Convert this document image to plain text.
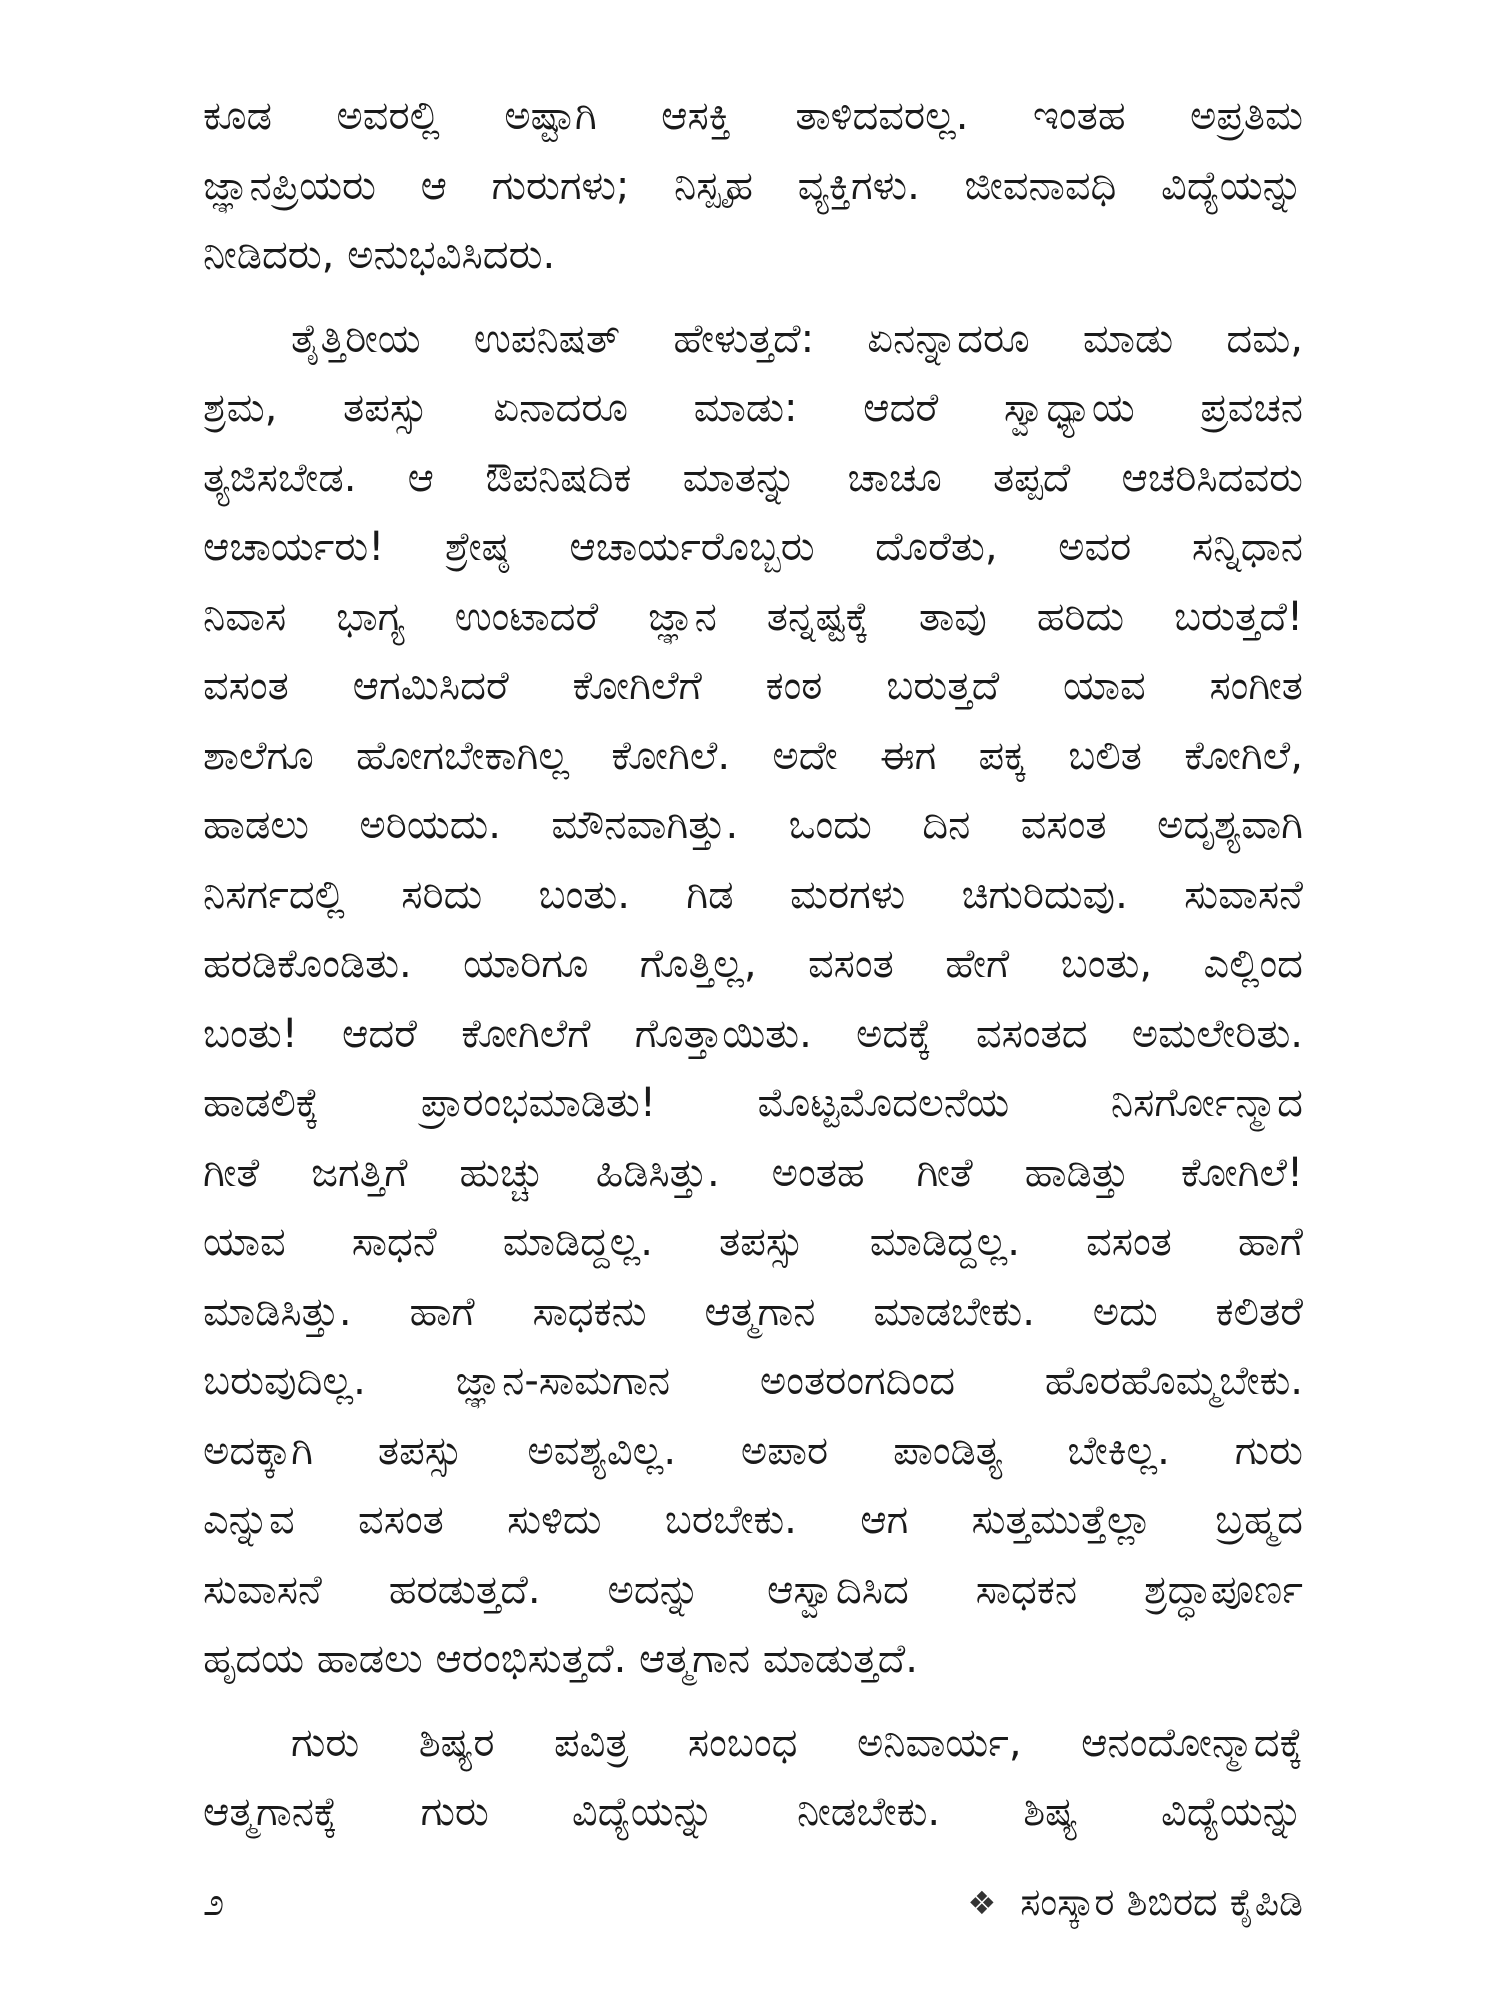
ಕೂಡ ಅವರಲ್ಲಿ ಅಷ್ಟಾಗಿ ಆಸಕ್ತಿ ತಾಳಿದವರಲ್ಲ. ಇಂತಹ ಅಪ್ರತಿಮ
ಜ್ಞಾನಪ್ರಿಯರು ಆ ಗುರುಗಳು; ನಿಸ್ಪೃಹ ವ್ಯಕ್ತಿಗಳು. ಜೀವನಾವಧಿ ವಿದ್ಯೆಯನ್ನು
ನೀಡಿದರು, ಅನುಭವಿಸಿದರು.

ತೈತ್ತಿರೀಯ ಉಪನಿಷತ್ ಹೇಳುತ್ತದೆ: ಏನನ್ನಾದರೂ ಮಾಡು ದಮ,
ಶ್ರಮ, ತಪಸ್ಸು ಏನಾದರೂ ಮಾಡು: ಆದರೆ ಸ್ವಾಧ್ಯಾಯ ಪ್ರವಚನ
ತ್ಯಜಿಸಬೇಡ. ಆ ಔಪನಿಷದಿಕ ಮಾತನ್ನು ಚಾಚೂ ತಪ್ಪದೆ ಆಚರಿಸಿದವರು
ಆಚಾರ್ಯರು! ಶ್ರೇಷ್ಠ ಆಚಾರ್ಯರೊಬ್ಬರು ದೊರೆತು, ಅವರ ಸನ್ನಿಧಾನ
ನಿವಾಸ ಭಾಗ್ಯ ಉಂಟಾದರೆ ಜ್ಞಾನ ತನ್ನಷ್ಟಕ್ಕೆ ತಾವು ಹರಿದು ಬರುತ್ತದೆ!
ವಸಂತ ಆಗಮಿಸಿದರೆ ಕೋಗಿಲೆಗೆ ಕಂಠ ಬರುತ್ತದೆ ಯಾವ ಸಂಗೀತ
ಶಾಲೆಗೂ ಹೋಗಬೇಕಾಗಿಲ್ಲ ಕೋಗಿಲೆ. ಅದೇ ಈಗ ಪಕ್ಕ ಬಲಿತ ಕೋಗಿಲೆ,
ಹಾಡಲು ಅರಿಯದು. ಮೌನವಾಗಿತ್ತು. ಒಂದು ದಿನ ವಸಂತ ಅದೃಶ್ಯವಾಗಿ
ನಿಸರ್ಗದಲ್ಲಿ ಸರಿದು ಬಂತು. ಗಿಡ ಮರಗಳು ಚಿಗುರಿದುವು. ಸುವಾಸನೆ
ಹರಡಿಕೊಂಡಿತು. ಯಾರಿಗೂ ಗೊತ್ತಿಲ್ಲ, ವಸಂತ ಹೇಗೆ ಬಂತು, ಎಲ್ಲಿಂದ
ಬಂತು! ಆದರೆ ಕೋಗಿಲೆಗೆ ಗೊತ್ತಾಯಿತು. ಅದಕ್ಕೆ ವಸಂತದ ಅಮಲೇರಿತು.
ಹಾಡಲಿಕ್ಕೆ ಪ್ರಾರಂಭಮಾಡಿತು! ಮೊಟ್ಟಮೊದಲನೆಯ ನಿಸರ್ಗೋನ್ಮಾದ
ಗೀತೆ ಜಗತ್ತಿಗೆ ಹುಚ್ಚು ಹಿಡಿಸಿತ್ತು. ಅಂತಹ ಗೀತೆ ಹಾಡಿತ್ತು ಕೋಗಿಲೆ!
ಯಾವ ಸಾಧನೆ ಮಾಡಿದ್ದಲ್ಲ. ತಪಸ್ಸು ಮಾಡಿದ್ದಲ್ಲ. ವಸಂತ ಹಾಗೆ
ಮಾಡಿಸಿತ್ತು. ಹಾಗೆ ಸಾಧಕನು ಆತ್ಮಗಾನ ಮಾಡಬೇಕು. ಅದು ಕಲಿತರೆ
ಬರುವುದಿಲ್ಲ. ಜ್ಞಾನ-ಸಾಮಗಾನ ಅಂತರಂಗದಿಂದ ಹೊರಹೊಮ್ಮಬೇಕು.
ಅದಕ್ಕಾಗಿ ತಪಸ್ಸು ಅವಶ್ಯವಿಲ್ಲ. ಅಪಾರ ಪಾಂಡಿತ್ಯ ಬೇಕಿಲ್ಲ. ಗುರು
ಎನ್ನುವ ವಸಂತ ಸುಳಿದು ಬರಬೇಕು. ಆಗ ಸುತ್ತಮುತ್ತೆಲ್ಲಾ ಬ್ರಹ್ಮದ
ಸುವಾಸನೆ ಹರಡುತ್ತದೆ. ಅದನ್ನು ಆಸ್ವಾದಿಸಿದ ಸಾಧಕನ ಶ್ರದ್ಧಾಪೂರ್ಣ
ಹೃದಯ ಹಾಡಲು ಆರಂಭಿಸುತ್ತದೆ. ಆತ್ಮಗಾನ ಮಾಡುತ್ತದೆ.

ಗುರು ಶಿಷ್ಯರ ಪವಿತ್ರ ಸಂಬಂಧ ಅನಿವಾರ್ಯ, ಆನಂದೋನ್ಮಾದಕ್ಕೆ
ಆತ್ಮಗಾನಕ್ಕೆ ಗುರು ವಿದ್ಯೆಯನ್ನು ನೀಡಬೇಕು. ಶಿಷ್ಯ ವಿದ್ಯೆಯನ್ನು

೨	❖ ಸಂಸ್ಕಾರ ಶಿಬಿರದ ಕೈಪಿಡಿ
